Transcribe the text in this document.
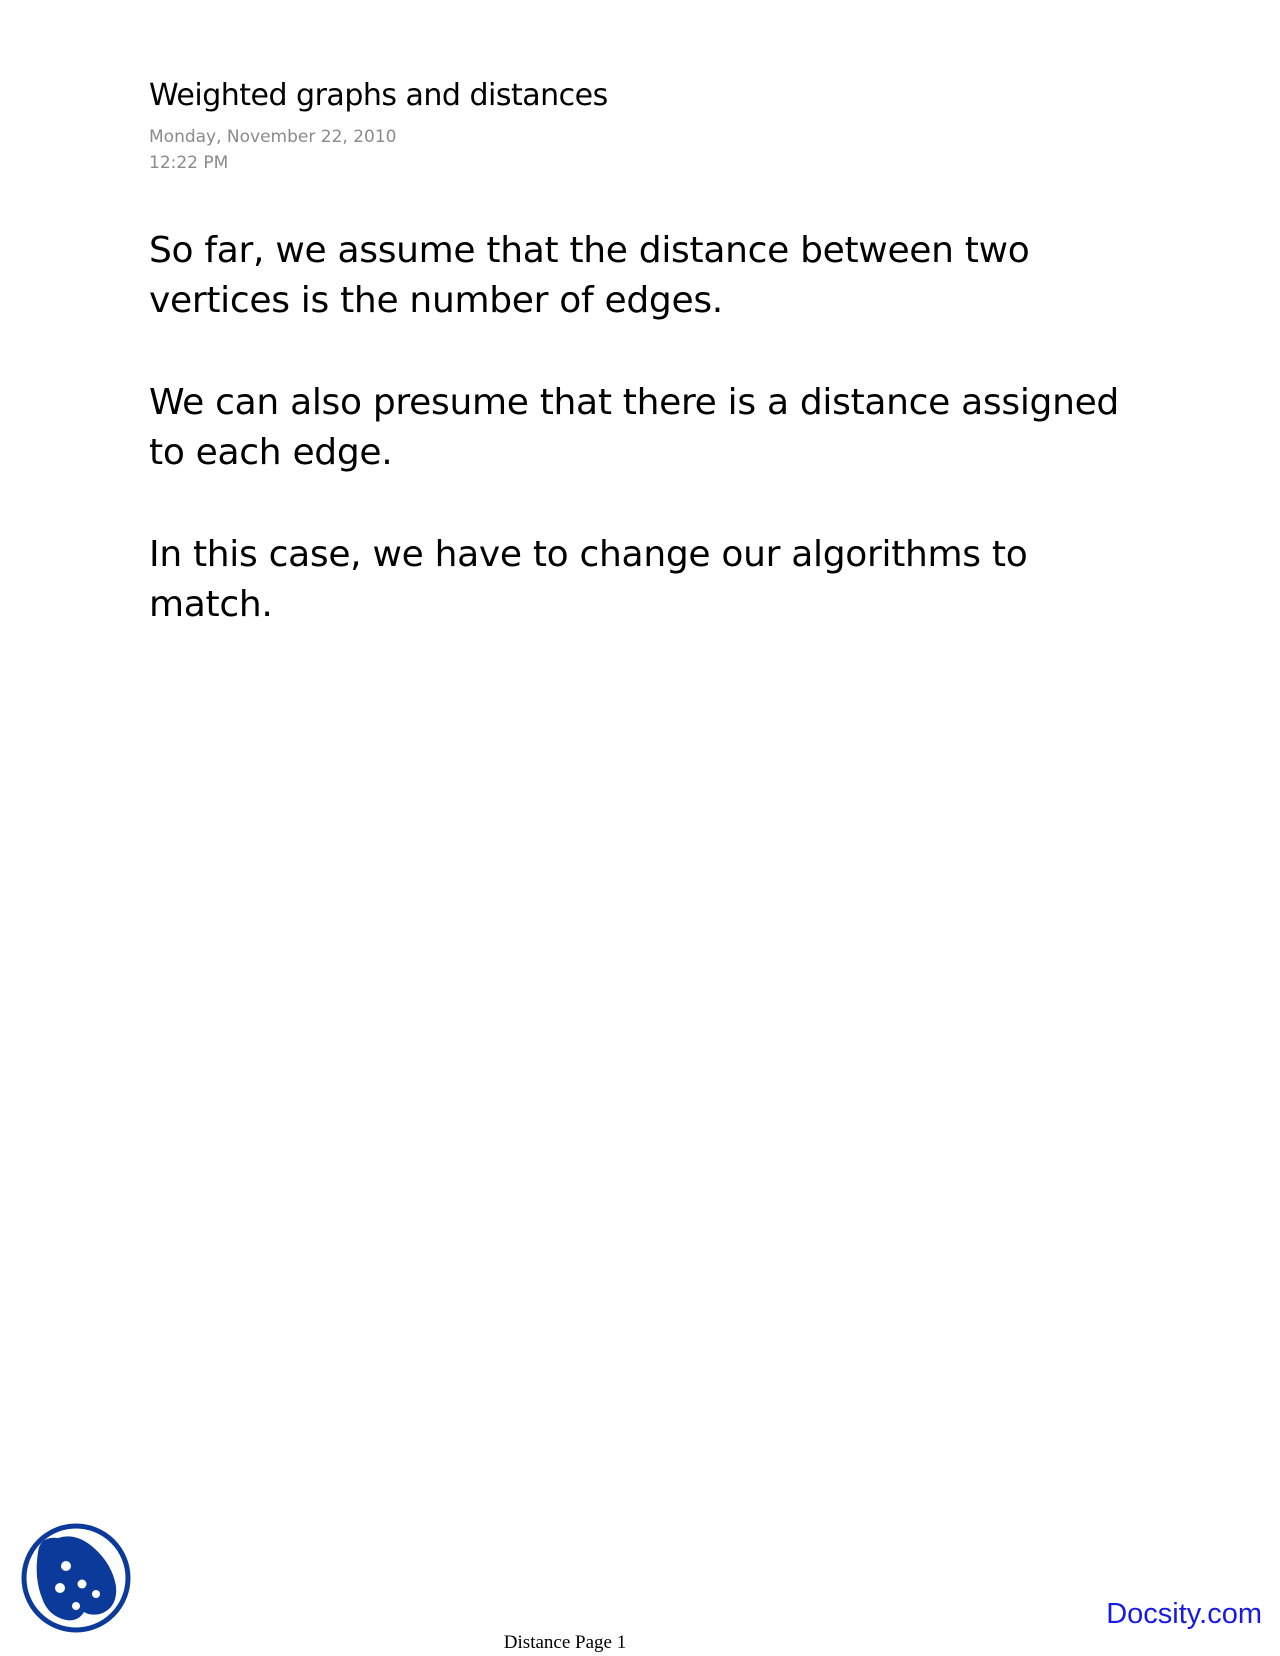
Weighted graphs and distances
Monday, November 22, 2010
12:22 PM
So far, we assume that the distance between two vertices is the number of edges.
We can also presume that there is a distance assigned to each edge.
In this case, we have to change our algorithms to match.
Docsity.com
Distance Page 1
